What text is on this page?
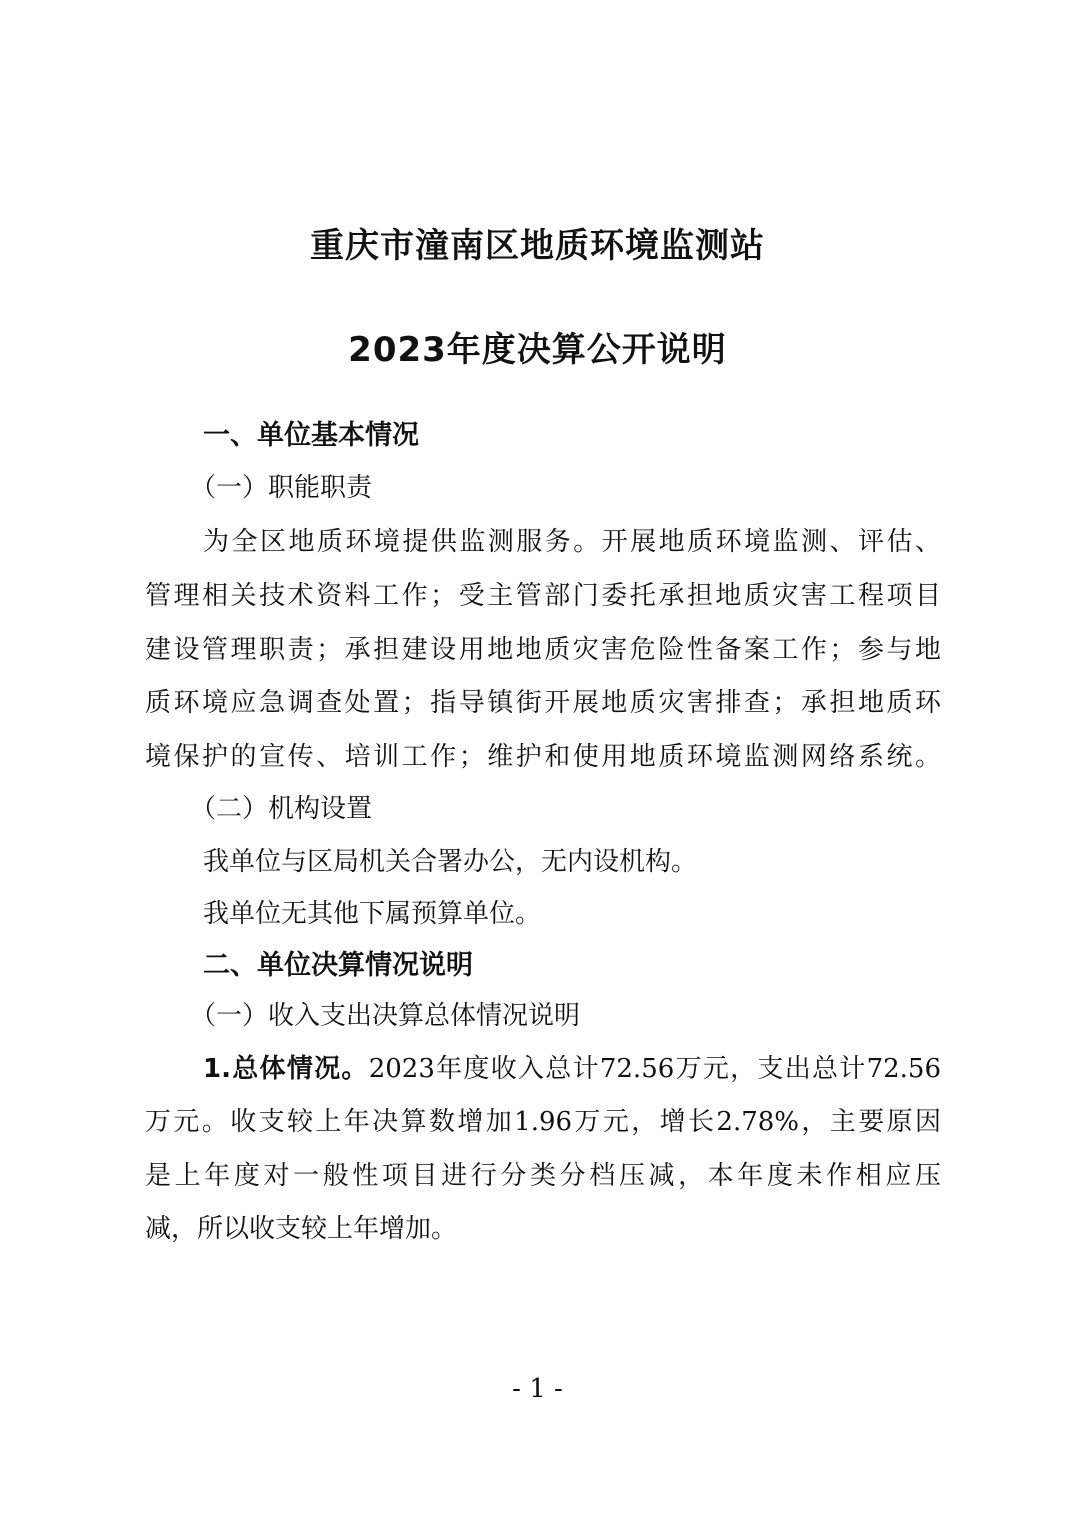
重庆市潼南区地质环境监测站
2023年度决算公开说明
一、单位基本情况
（一）职能职责
为全区地质环境提供监测服务。开展地质环境监测、评估、
管理相关技术资料工作；受主管部门委托承担地质灾害工程项目
建设管理职责；承担建设用地地质灾害危险性备案工作；参与地
质环境应急调查处置；指导镇街开展地质灾害排查；承担地质环
境保护的宣传、培训工作；维护和使用地质环境监测网络系统。
（二）机构设置
我单位与区局机关合署办公，无内设机构。
我单位无其他下属预算单位。
二、单位决算情况说明
（一）收入支出决算总体情况说明
1.总体情况。2023年度收入总计72.56万元，支出总计72.56
万元。收支较上年决算数增加1.96万元，增长2.78%，主要原因
是上年度对一般性项目进行分类分档压减，本年度未作相应压
减，所以收支较上年增加。
- 1 -
